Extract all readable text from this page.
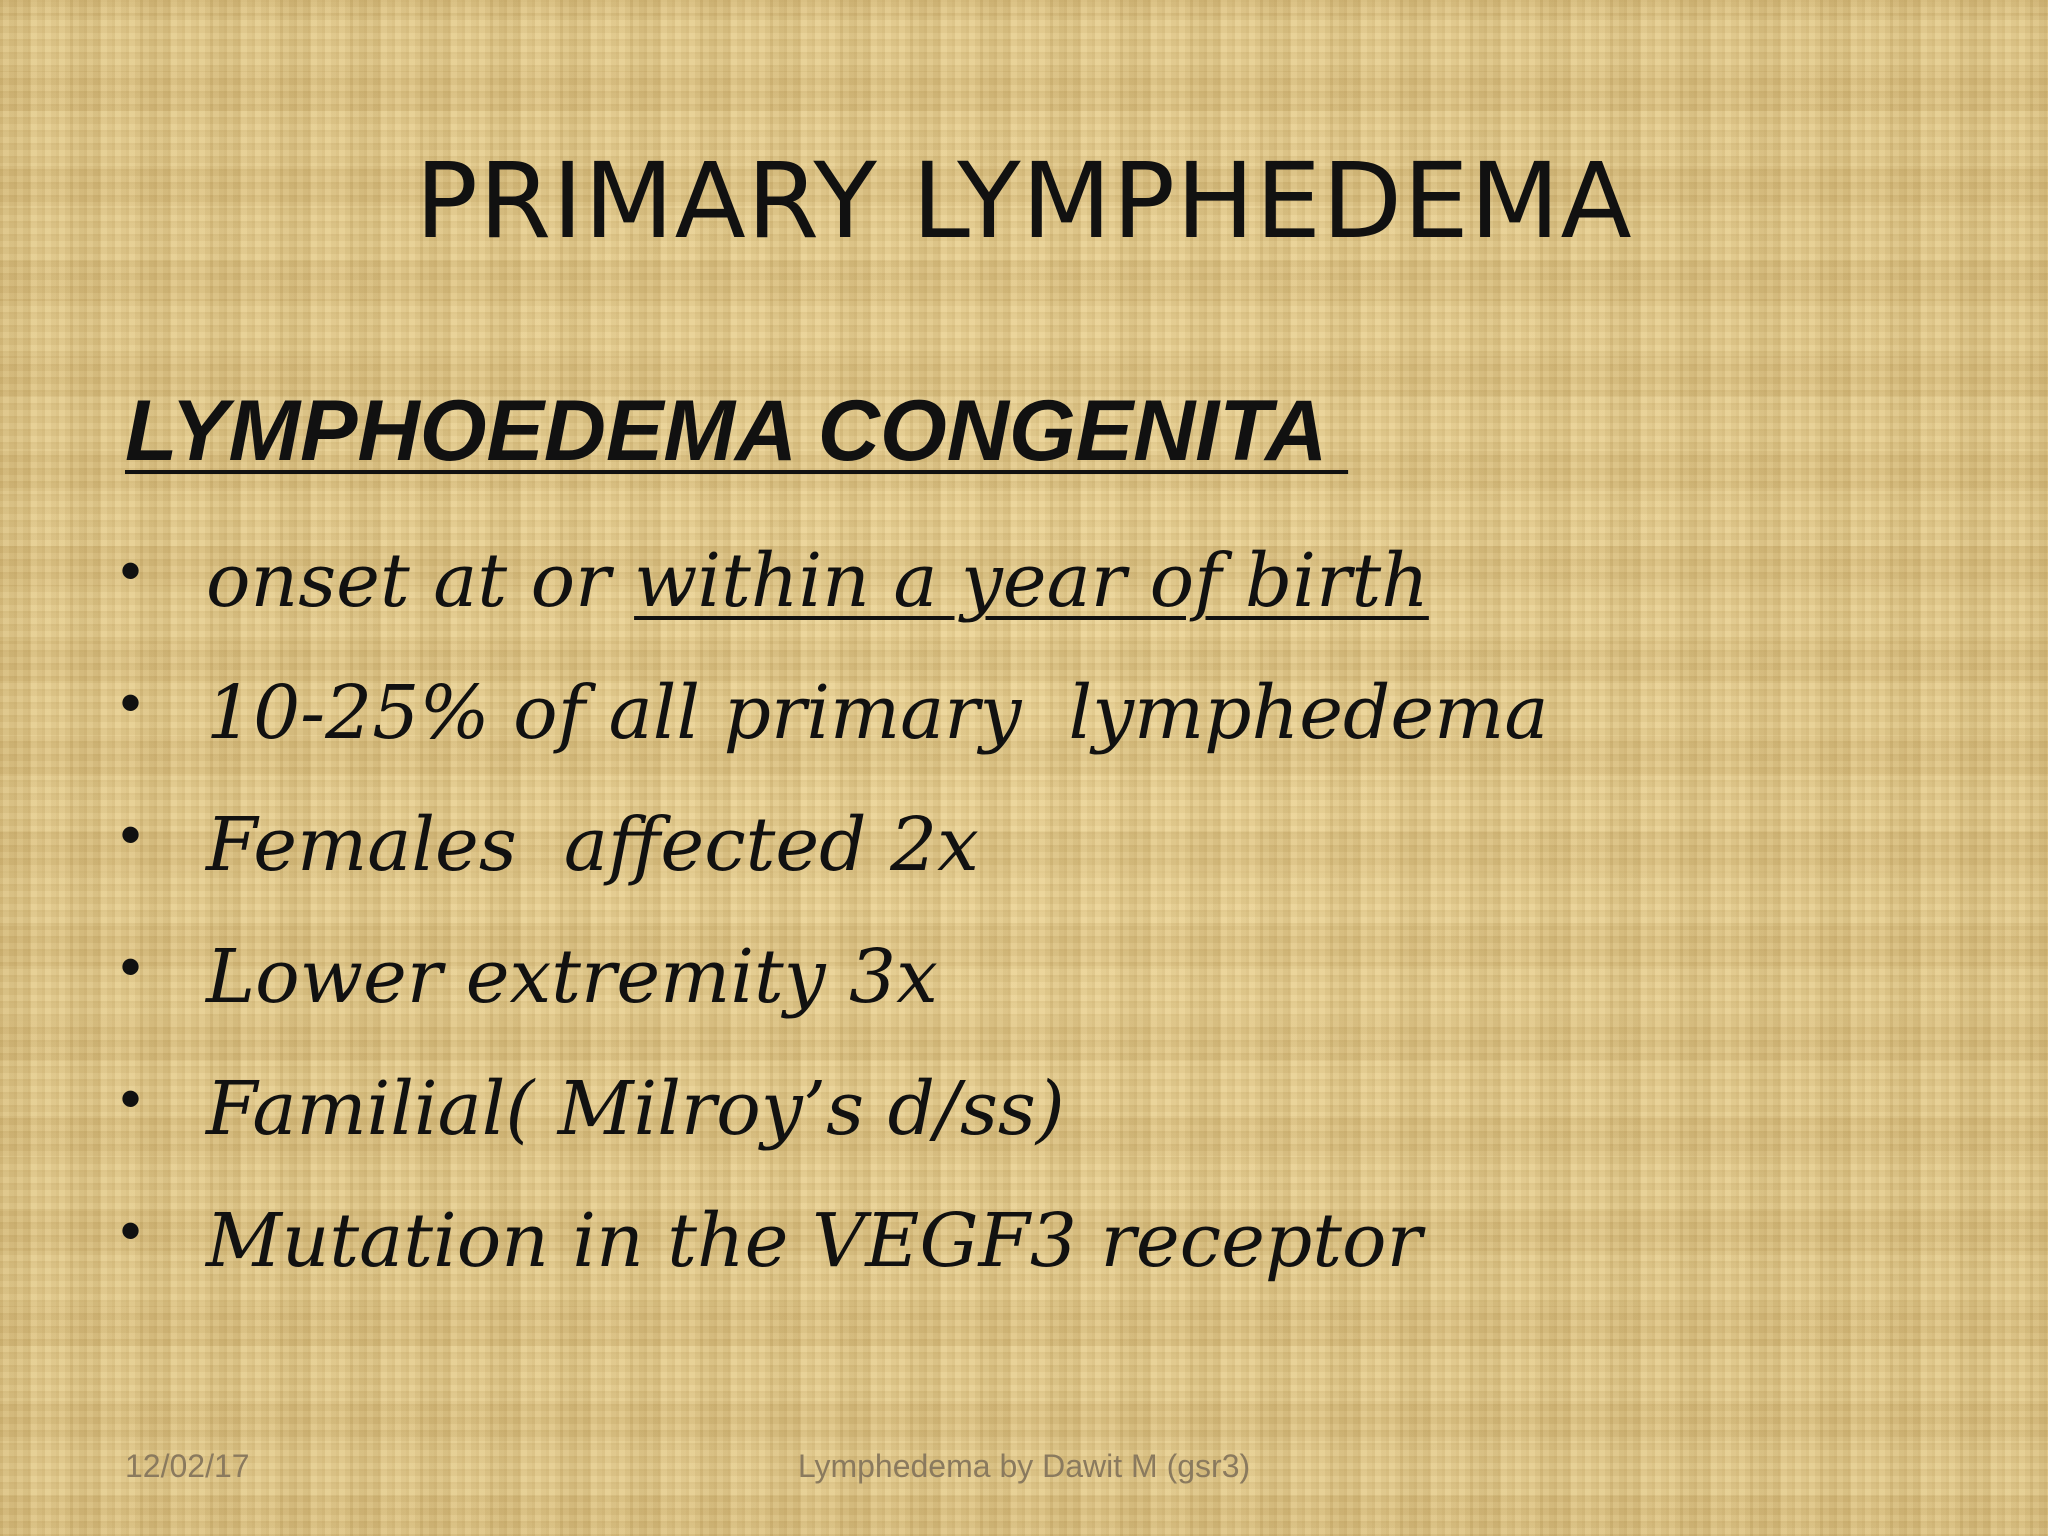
PRIMARY LYMPHEDEMA
LYMPHOEDEMA CONGENITA
• onset at or within a year of birth
• 10-25% of all primary  lymphedema
• Females  affected 2x
• Lower extremity 3x
• Familial( Milroy’s d/ss)
• Mutation in the VEGF3 receptor
12/02/17	Lymphedema by Dawit M (gsr3)
